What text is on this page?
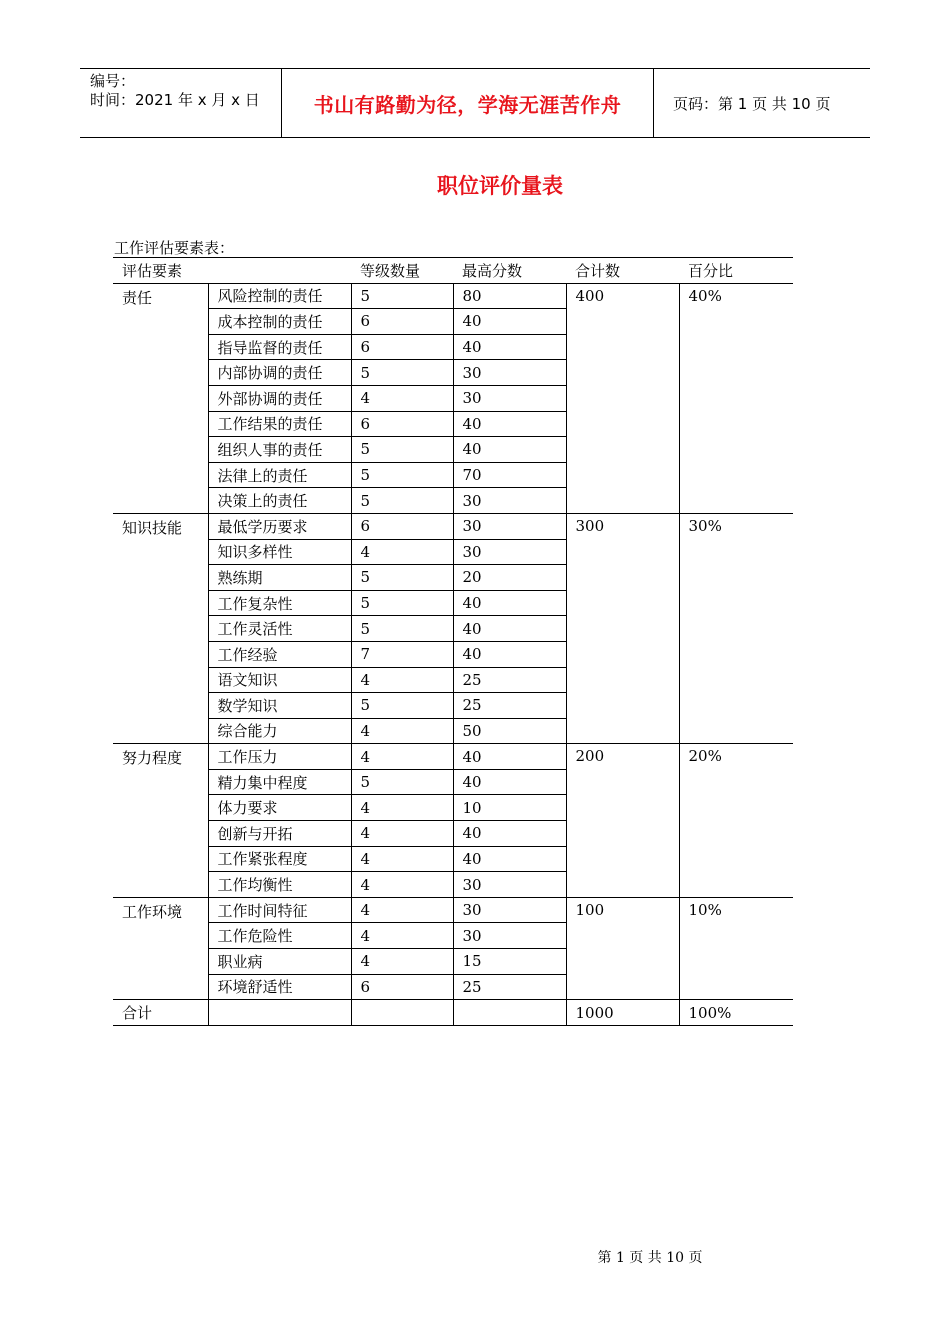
编号：
时间：2021 年 x 月 x 日	书山有路勤为径，学海无涯苦作舟	页码：第 1 页 共 10 页
职位评价量表
工作评估要素表：
评估要素		等级数量	最高分数	合计数	百分比
责任	风险控制的责任	5	80	400	40%
	成本控制的责任	6	40		
	指导监督的责任	6	40		
	内部协调的责任	5	30		
	外部协调的责任	4	30		
	工作结果的责任	6	40		
	组织人事的责任	5	40		
	法律上的责任	5	70		
	决策上的责任	5	30		
知识技能	最低学历要求	6	30	300	30%
	知识多样性	4	30		
	熟练期	5	20		
	工作复杂性	5	40		
	工作灵活性	5	40		
	工作经验	7	40		
	语文知识	4	25		
	数学知识	5	25		
	综合能力	4	50		
努力程度	工作压力	4	40	200	20%
	精力集中程度	5	40		
	体力要求	4	10		
	创新与开拓	4	40		
	工作紧张程度	4	40		
	工作均衡性	4	30		
工作环境	工作时间特征	4	30	100	10%
	工作危险性	4	30		
	职业病	4	15		
	环境舒适性	6	25		
合计				1000	100%
第 1 页 共 10 页
